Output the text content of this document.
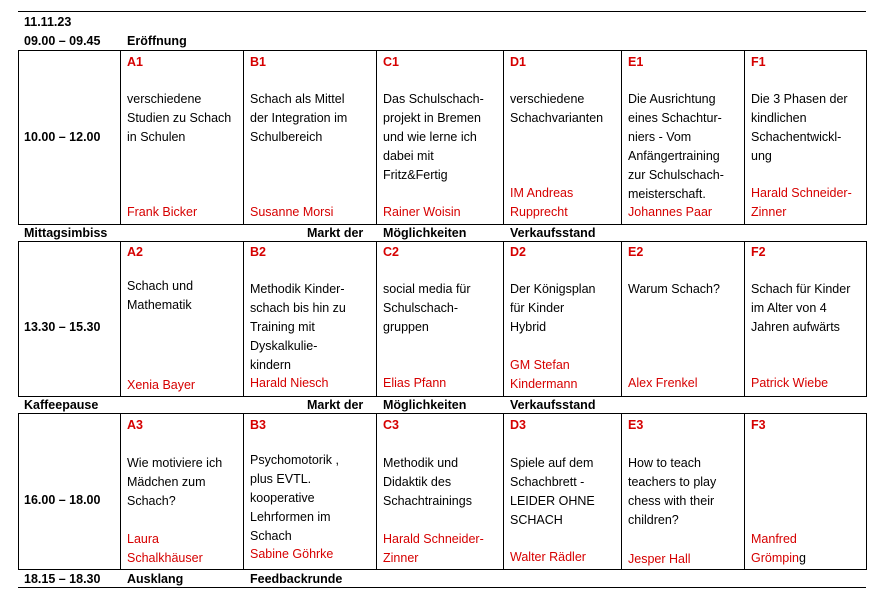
11.11.23
09.00 – 09.45 Eröffnung
10.00 – 12.00
A1
verschiedene
Studien zu Schach
in Schulen
Frank Bicker
B1
Schach als Mittel
der Integration im
Schulbereich
Susanne Morsi
C1
Das Schulschach-
projekt in Bremen
und wie lerne ich
dabei mit
Fritz&Fertig
Rainer Woisin
D1
verschiedene
Schachvarianten
IM Andreas
Rupprecht
E1
Die Ausrichtung
eines Schachtur-
niers - Vom
Anfängertraining
zur Schulschach-
meisterschaft.
Johannes Paar
F1
Die 3 Phasen der
kindlichen
Schachentwickl-
ung
Harald Schneider-
Zinner
Mittagsimbiss	Markt der Möglichkeiten	Verkaufsstand
13.30 – 15.30
A2
Schach und
Mathematik
Xenia Bayer
B2
Methodik Kinder-
schach bis hin zu
Training mit
Dyskalkulie-
kindern
Harald Niesch
C2
social media für
Schulschach-
gruppen
Elias Pfann
D2
Der Königsplan
für Kinder
Hybrid
GM Stefan
Kindermann
E2
Warum Schach?
Alex Frenkel
F2
Schach für Kinder
im Alter von 4
Jahren aufwärts
Patrick Wiebe
Kaffeepause	Markt der Möglichkeiten	Verkaufsstand
16.00 – 18.00
A3
Wie motiviere ich
Mädchen zum
Schach?
Laura
Schalkhäuser
B3
Psychomotorik ,
plus EVTL.
kooperative
Lehrformen im
Schach
Sabine Göhrke
C3
Methodik und
Didaktik des
Schachtrainings
Harald Schneider-
Zinner
D3
Spiele auf dem
Schachbrett -
LEIDER OHNE
SCHACH
Walter Rädler
E3
How to teach
teachers to play
chess with their
children?
Jesper Hall
F3
Manfred
Grömping
18.15 – 18.30 Ausklang	Feedbackrunde
